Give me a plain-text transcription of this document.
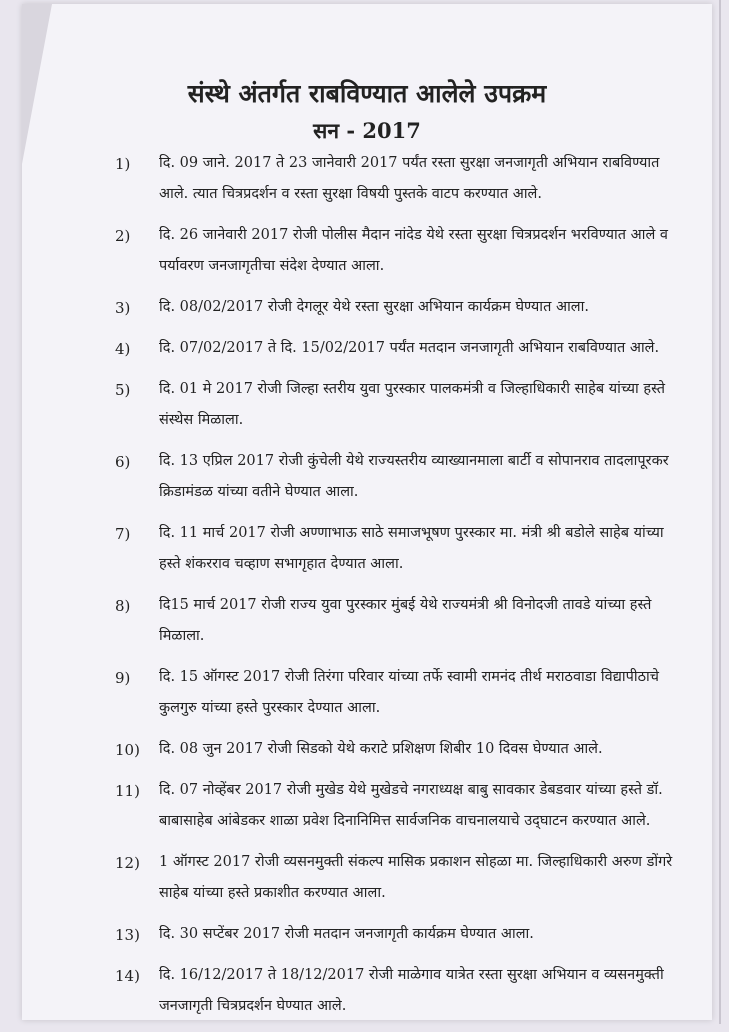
संस्थे अंतर्गत राबविण्यात आलेले उपक्रम
सन - 2017
1)	दि. 09 जाने. 2017 ते 23 जानेवारी 2017 पर्यंत रस्ता सुरक्षा जनजागृती अभियान राबविण्यात आले. त्यात चित्रप्रदर्शन व रस्ता सुरक्षा विषयी पुस्तके वाटप करण्यात आले.
2)	दि. 26 जानेवारी 2017 रोजी पोलीस मैदान नांदेड येथे रस्ता सुरक्षा चित्रप्रदर्शन भरविण्यात आले व पर्यावरण जनजागृतीचा संदेश देण्यात आला.
3)	दि. 08/02/2017 रोजी देगलूर येथे रस्ता सुरक्षा अभियान कार्यक्रम घेण्यात आला.
4)	दि. 07/02/2017 ते दि. 15/02/2017 पर्यंत मतदान जनजागृती अभियान राबविण्यात आले.
5)	दि. 01 मे 2017 रोजी जिल्हा स्तरीय युवा पुरस्कार पालकमंत्री व जिल्हाधिकारी साहेब यांच्या हस्ते संस्थेस मिळाला.
6)	दि. 13 एप्रिल 2017 रोजी कुंचेली येथे राज्यस्तरीय व्याख्यानमाला बार्टी व सोपानराव तादलापूरकर क्रिडामंडळ यांच्या वतीने घेण्यात आला.
7)	दि. 11 मार्च 2017 रोजी अण्णाभाऊ साठे समाजभूषण पुरस्कार मा. मंत्री श्री बडोले साहेब यांच्या हस्ते शंकरराव चव्हाण सभागृहात देण्यात आला.
8)	दि15 मार्च 2017 रोजी राज्य युवा पुरस्कार मुंबई येथे राज्यमंत्री श्री विनोदजी तावडे यांच्या हस्ते मिळाला.
9)	दि. 15 ऑगस्ट 2017 रोजी तिरंगा परिवार यांच्या तर्फे स्वामी रामनंद तीर्थ मराठवाडा विद्यापीठाचे कुलगुरु यांच्या हस्ते पुरस्कार देण्यात आला.
10)	दि. 08 जुन 2017 रोजी सिडको येथे कराटे प्रशिक्षण शिबीर 10 दिवस घेण्यात आले.
11)	दि. 07 नोव्हेंबर 2017 रोजी मुखेड येथे मुखेडचे नगराध्यक्ष बाबु सावकार डेबडवार यांच्या हस्ते डॉ. बाबासाहेब आंबेडकर शाळा प्रवेश दिनानिमित्त सार्वजनिक वाचनालयाचे उद्‌घाटन करण्यात आले.
12)	1 ऑगस्ट 2017 रोजी व्यसनमुक्ती संकल्प मासिक प्रकाशन सोहळा मा. जिल्हाधिकारी अरुण डोंगरे साहेब यांच्या हस्ते प्रकाशीत करण्यात आला.
13)	दि. 30 सप्टेंबर 2017 रोजी मतदान जनजागृती कार्यक्रम घेण्यात आला.
14)	दि. 16/12/2017 ते 18/12/2017 रोजी माळेगाव यात्रेत रस्ता सुरक्षा अभियान व व्यसनमुक्ती जनजागृती चित्रप्रदर्शन घेण्यात आले.
